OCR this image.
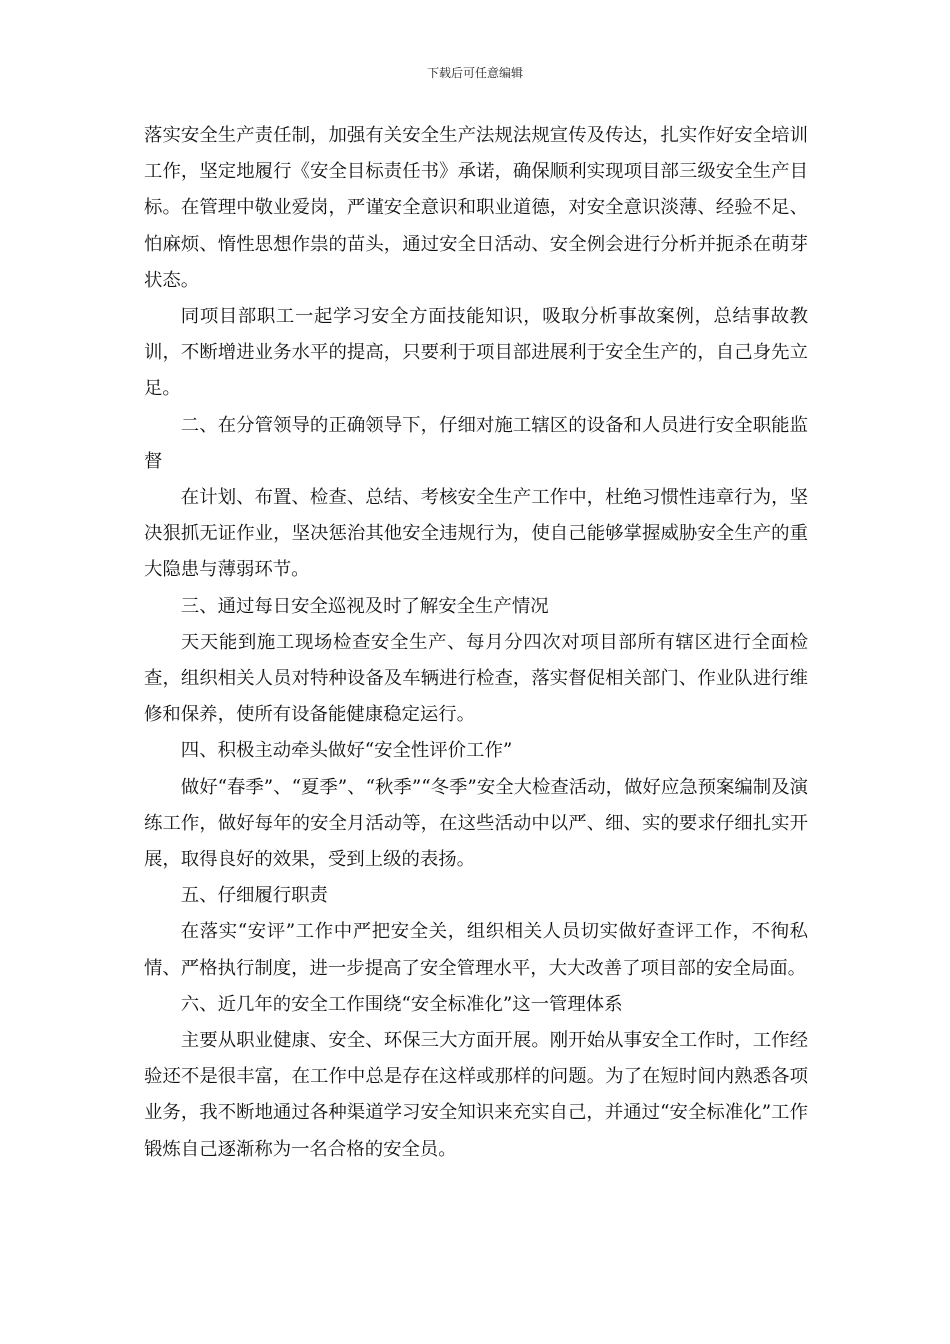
下载后可任意编辑

落实安全生产责任制，加强有关安全生产法规法规宣传及传达，扎实作好安全培训工作，坚定地履行《安全目标责任书》承诺，确保顺利实现项目部三级安全生产目标。在管理中敬业爱岗，严谨安全意识和职业道德，对安全意识淡薄、经验不足、怕麻烦、惰性思想作祟的苗头，通过安全日活动、安全例会进行分析并扼杀在萌芽状态。

同项目部职工一起学习安全方面技能知识，吸取分析事故案例，总结事故教训，不断增进业务水平的提高，只要利于项目部进展利于安全生产的，自己身先立足。

二、在分管领导的正确领导下，仔细对施工辖区的设备和人员进行安全职能监督

在计划、布置、检查、总结、考核安全生产工作中，杜绝习惯性违章行为，坚决狠抓无证作业，坚决惩治其他安全违规行为，使自己能够掌握威胁安全生产的重大隐患与薄弱环节。

三、通过每日安全巡视及时了解安全生产情况

天天能到施工现场检查安全生产、每月分四次对项目部所有辖区进行全面检查，组织相关人员对特种设备及车辆进行检查，落实督促相关部门、作业队进行维修和保养，使所有设备能健康稳定运行。

四、积极主动牵头做好“安全性评价工作”

做好“春季”、“夏季”、“秋季”“冬季”安全大检查活动，做好应急预案编制及演练工作，做好每年的安全月活动等，在这些活动中以严、细、实的要求仔细扎实开展，取得良好的效果，受到上级的表扬。

五、仔细履行职责

在落实“安评”工作中严把安全关，组织相关人员切实做好查评工作，不徇私情、严格执行制度，进一步提高了安全管理水平，大大改善了项目部的安全局面。

六、近几年的安全工作围绕“安全标准化”这一管理体系

主要从职业健康、安全、环保三大方面开展。刚开始从事安全工作时，工作经验还不是很丰富，在工作中总是存在这样或那样的问题。为了在短时间内熟悉各项业务，我不断地通过各种渠道学习安全知识来充实自己，并通过“安全标准化”工作锻炼自己逐渐称为一名合格的安全员。
